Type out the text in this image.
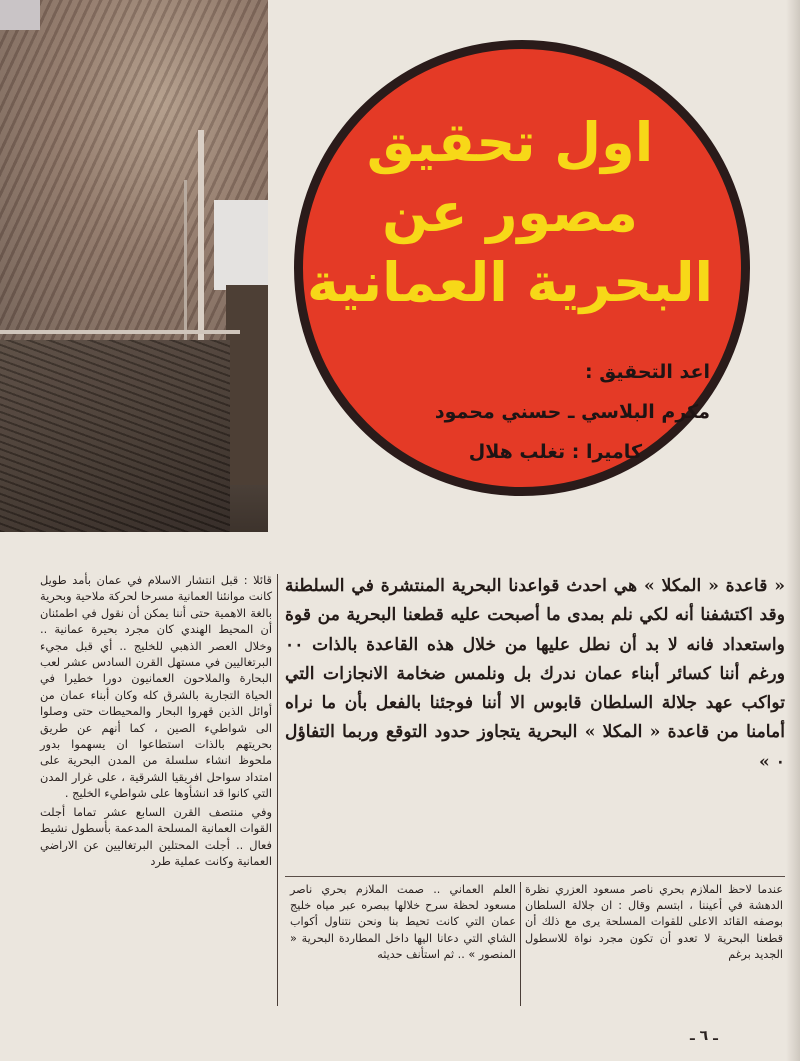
اول تحقيق
مصور عن
البحرية العمانية
اعد التحقيق :
مكرم البلاسي ـ حسني محمود
كاميرا : تغلب هلال

« قاعدة « المكلا » هي احدث قواعدنا البحرية المنتشرة في السلطنة وقد اكتشفنا أنه لكي نلم بمدى ما أصبحت عليه قطعنا البحرية من قوة واستعداد فانه لا بد أن نطل عليها من خلال هذه القاعدة بالذات ٠٠ ورغم أننا كسائر أبناء عمان ندرك بل ونلمس ضخامة الانجازات التي تواكب عهد جلالة السلطان قابوس الا أننا فوجئنا بالفعل بأن ما نراه أمامنا من قاعدة « المكلا » البحرية يتجاوز حدود التوقع وربما التفاؤل ٠ »

قائلا : قبل انتشار الاسلام في عمان بأمد طويل كانت موانئنا العمانية مسرحا لحركة ملاحية وبحرية بالغة الاهمية حتى أننا يمكن أن نقول في اطمئنان أن المحيط الهندي كان مجرد بحيرة عمانية .. وخلال العصر الذهبي للخليج .. أي قبل مجيء البرتغاليين في مستهل القرن السادس عشر لعب البحارة والملاحون العمانيون دورا خطيرا في الحياة التجارية بالشرق كله وكان أبناء عمان من أوائل الذين قهروا البحار والمحيطات حتى وصلوا الى شواطيء الصين ، كما أنهم عن طريق بحريتهم بالذات استطاعوا ان يسهموا بدور ملحوظ انشاء سلسلة من المدن البحرية على امتداد سواحل افريقيا الشرقية ، على غرار المدن التي كانوا قد انشأوها على شواطيء الخليج .

وفي منتصف القرن السابع عشر تماما أجلت القوات العمانية المسلحة المدعمة بأسطول نشيط فعال .. أجلت المحتلين البرتغاليين عن الاراضي العمانية وكانت عملية طرد

عندما لاحظ الملازم بحري ناصر مسعود العزري نظرة الدهشة في أعيننا ، ابتسم وقال : ان جلالة السلطان بوصفه القائد الاعلى للقوات المسلحة يرى مع ذلك أن قطعنا البحرية لا تعدو أن تكون مجرد نواة للاسطول الجديد برغم

العلم العماني .. صمت الملازم بحري ناصر مسعود لحظة سرح خلالها ببصره عبر مياه خليج عمان التي كانت تحيط بنا ونحن نتناول أكواب الشاي التي دعانا اليها داخل المطاردة البحرية « المنصور » .. ثم استأنف حديثه

ـ ٦ ـ
